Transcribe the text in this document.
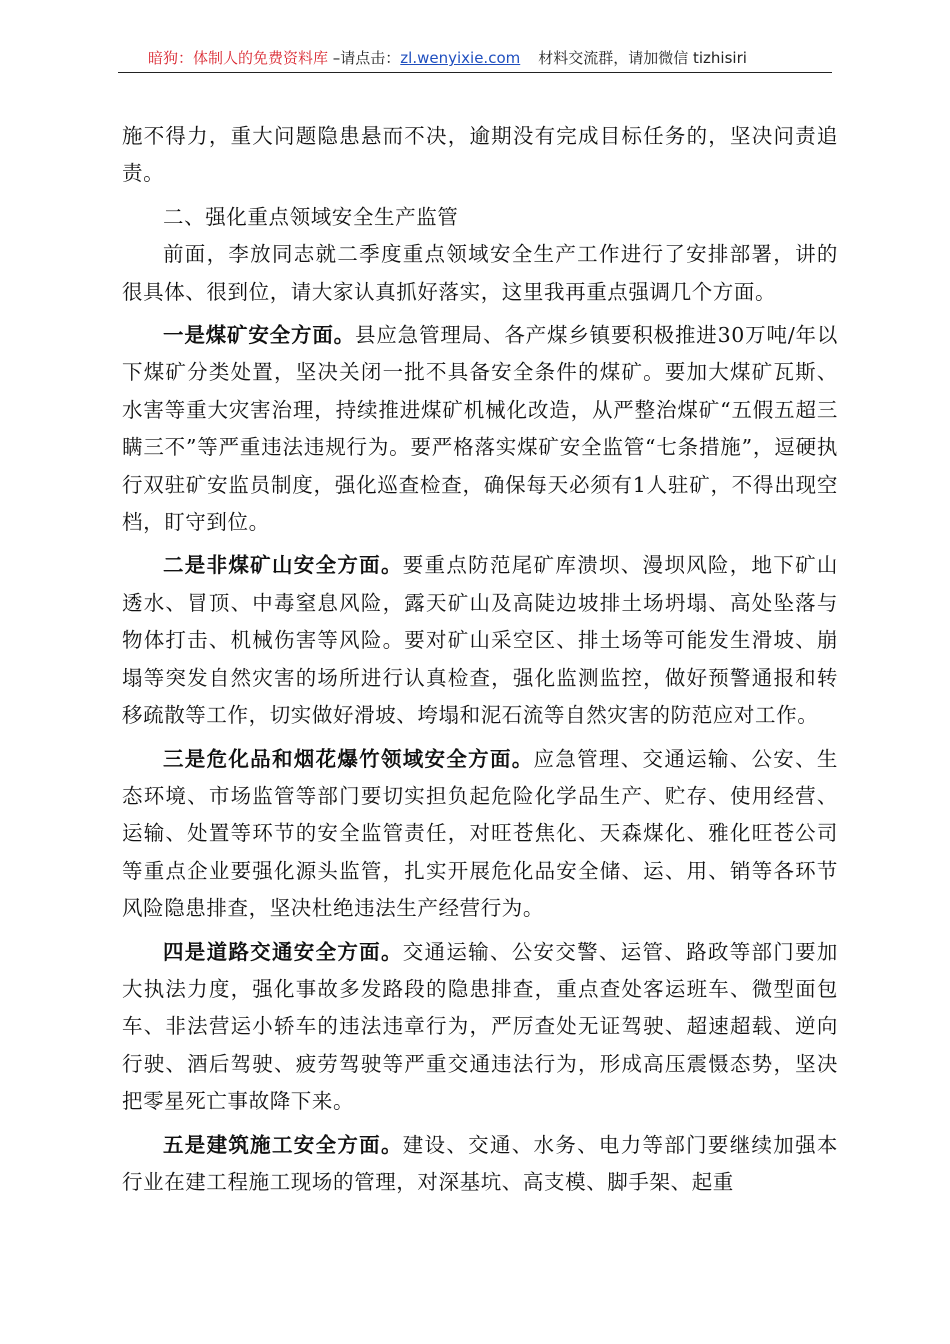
暗狗：体制人的免费资料库 –请点击：zl.wenyixie.com 材料交流群，请加微信 tizhisiri

施不得力，重大问题隐患悬而不决，逾期没有完成目标任务的，坚决问责追责。

二、强化重点领域安全生产监管

前面，李放同志就二季度重点领域安全生产工作进行了安排部署，讲的很具体、很到位，请大家认真抓好落实，这里我再重点强调几个方面。

一是煤矿安全方面。县应急管理局、各产煤乡镇要积极推进30万吨/年以下煤矿分类处置，坚决关闭一批不具备安全条件的煤矿。要加大煤矿瓦斯、水害等重大灾害治理，持续推进煤矿机械化改造，从严整治煤矿“五假五超三瞒三不”等严重违法违规行为。要严格落实煤矿安全监管“七条措施”，逗硬执行双驻矿安监员制度，强化巡查检查，确保每天必须有1人驻矿，不得出现空档，盯守到位。

二是非煤矿山安全方面。要重点防范尾矿库溃坝、漫坝风险，地下矿山透水、冒顶、中毒窒息风险，露天矿山及高陡边坡排土场坍塌、高处坠落与物体打击、机械伤害等风险。要对矿山采空区、排土场等可能发生滑坡、崩塌等突发自然灾害的场所进行认真检查，强化监测监控，做好预警通报和转移疏散等工作，切实做好滑坡、垮塌和泥石流等自然灾害的防范应对工作。

三是危化品和烟花爆竹领域安全方面。应急管理、交通运输、公安、生态环境、市场监管等部门要切实担负起危险化学品生产、贮存、使用经营、运输、处置等环节的安全监管责任，对旺苍焦化、天森煤化、雅化旺苍公司等重点企业要强化源头监管，扎实开展危化品安全储、运、用、销等各环节风险隐患排查，坚决杜绝违法生产经营行为。

四是道路交通安全方面。交通运输、公安交警、运管、路政等部门要加大执法力度，强化事故多发路段的隐患排查，重点查处客运班车、微型面包车、非法营运小轿车的违法违章行为，严厉查处无证驾驶、超速超载、逆向行驶、酒后驾驶、疲劳驾驶等严重交通违法行为，形成高压震慑态势，坚决把零星死亡事故降下来。

五是建筑施工安全方面。建设、交通、水务、电力等部门要继续加强本行业在建工程施工现场的管理，对深基坑、高支模、脚手架、起重
